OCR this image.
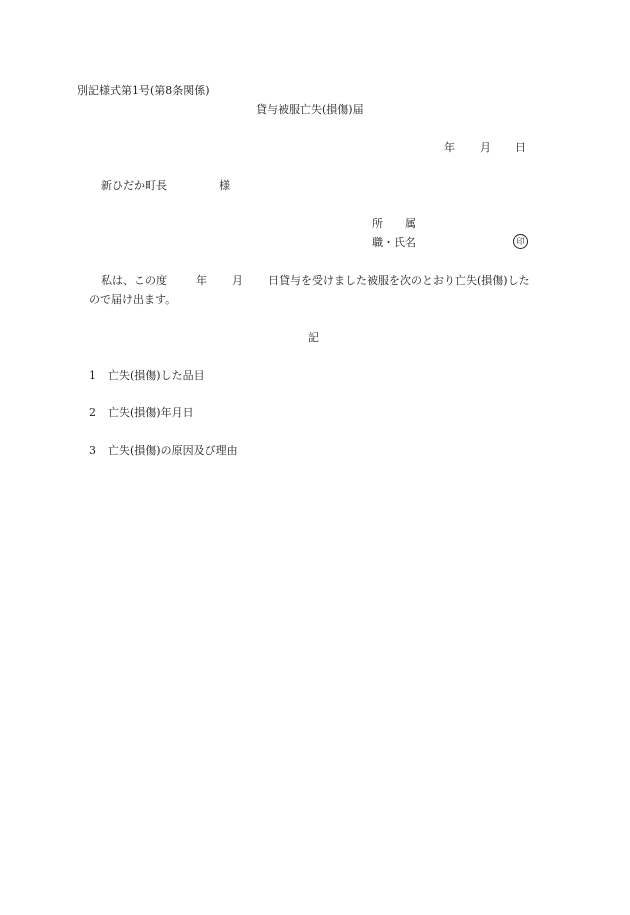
別記様式第1号(第8条関係)
貸与被服亡失(損傷)届
年 月 日
新ひだか町長	様
所　　属
職・氏名	印
私は、この度	年 月 日貸与を受けました被服を次のとおり亡失(損傷)した
ので届け出ます。
記
1 亡失(損傷)した品目
2 亡失(損傷)年月日
3 亡失(損傷)の原因及び理由
